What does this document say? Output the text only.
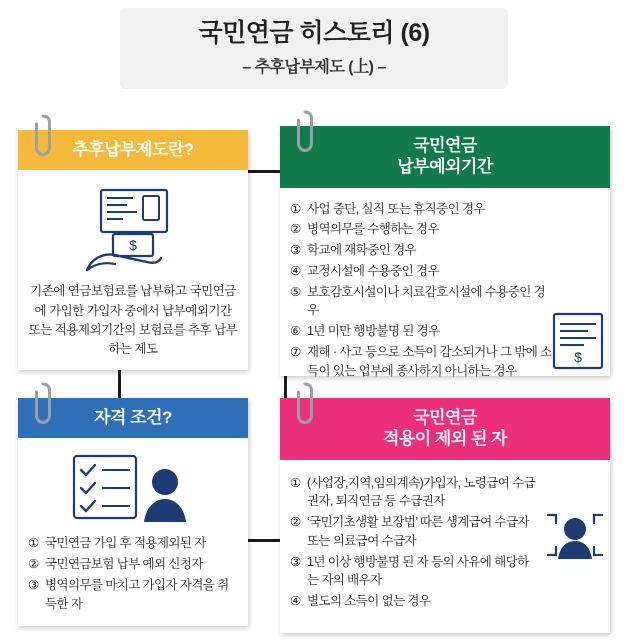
국민연금 히스토리 (6)
– 추후납부제도 (上) –
추후납부제도란?
$
기존에 연금보험료를 납부하고 국민연금에 가입한 가입자 중에서 납부예외기간 또는 적용제외기간의 보험료를 추후 납부하는 제도
국민연금
납부예외기간
① 사업 중단, 실직 또는 휴직중인 경우
② 병역의무를 수행하는 경우
③ 학교에 재학중인 경우
④ 교정시설에 수용중인 경우
⑤ 보호감호시설이나 치료감호시설에 수용중인 경우
⑥ 1년 미만 행방불명 된 경우
⑦ 재해 · 사고 등으로 소득이 감소되거나 그 밖에 소득이 있는 업부에 종사하지 아니하는 경우
$
자격 조건?
① 국민연금 가입 후 적용제외된 자
② 국민연금보험 납부 예외 신청자
③ 병역의무를 마치고 가입자 자격을 취득한 자
국민연금
적용이 제외 된 자
① (사업장,지역,임의계속)가입자, 노령급여 수급권자, 퇴직연금 등 수급권자
② ‘국민기초생활 보장법’ 따른 생계급여 수급자 또는 의료급여 수급자
③ 1년 이상 행방불명 된 자 등의 사유에 해당하는 자의 배우자
④ 별도의 소득이 없는 경우
